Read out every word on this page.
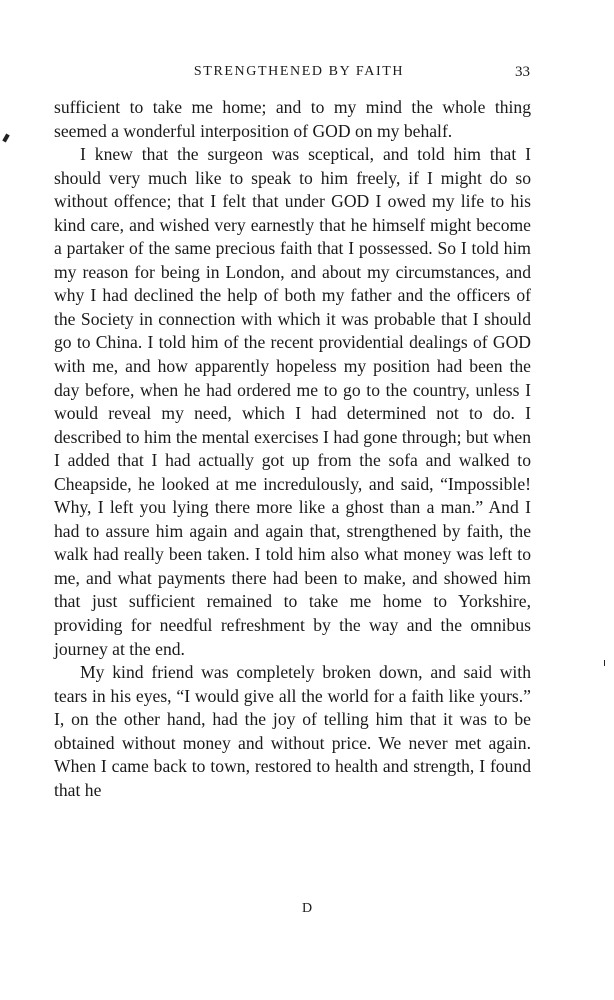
STRENGTHENED BY FAITH	33

sufficient to take me home; and to my mind the whole thing seemed a wonderful interposition of GOD on my behalf.

I knew that the surgeon was sceptical, and told him that I should very much like to speak to him freely, if I might do so without offence; that I felt that under GOD I owed my life to his kind care, and wished very earnestly that he himself might become a partaker of the same precious faith that I possessed. So I told him my reason for being in London, and about my circumstances, and why I had declined the help of both my father and the officers of the Society in connection with which it was probable that I should go to China. I told him of the recent providential dealings of GOD with me, and how apparently hopeless my position had been the day before, when he had ordered me to go to the country, unless I would reveal my need, which I had determined not to do. I described to him the mental exercises I had gone through; but when I added that I had actually got up from the sofa and walked to Cheapside, he looked at me incredulously, and said, “Impossible! Why, I left you lying there more like a ghost than a man.” And I had to assure him again and again that, strengthened by faith, the walk had really been taken. I told him also what money was left to me, and what payments there had been to make, and showed him that just sufficient remained to take me home to Yorkshire, providing for needful refreshment by the way and the omnibus journey at the end.

My kind friend was completely broken down, and said with tears in his eyes, “I would give all the world for a faith like yours.” I, on the other hand, had the joy of telling him that it was to be obtained without money and without price. We never met again. When I came back to town, restored to health and strength, I found that he

D
